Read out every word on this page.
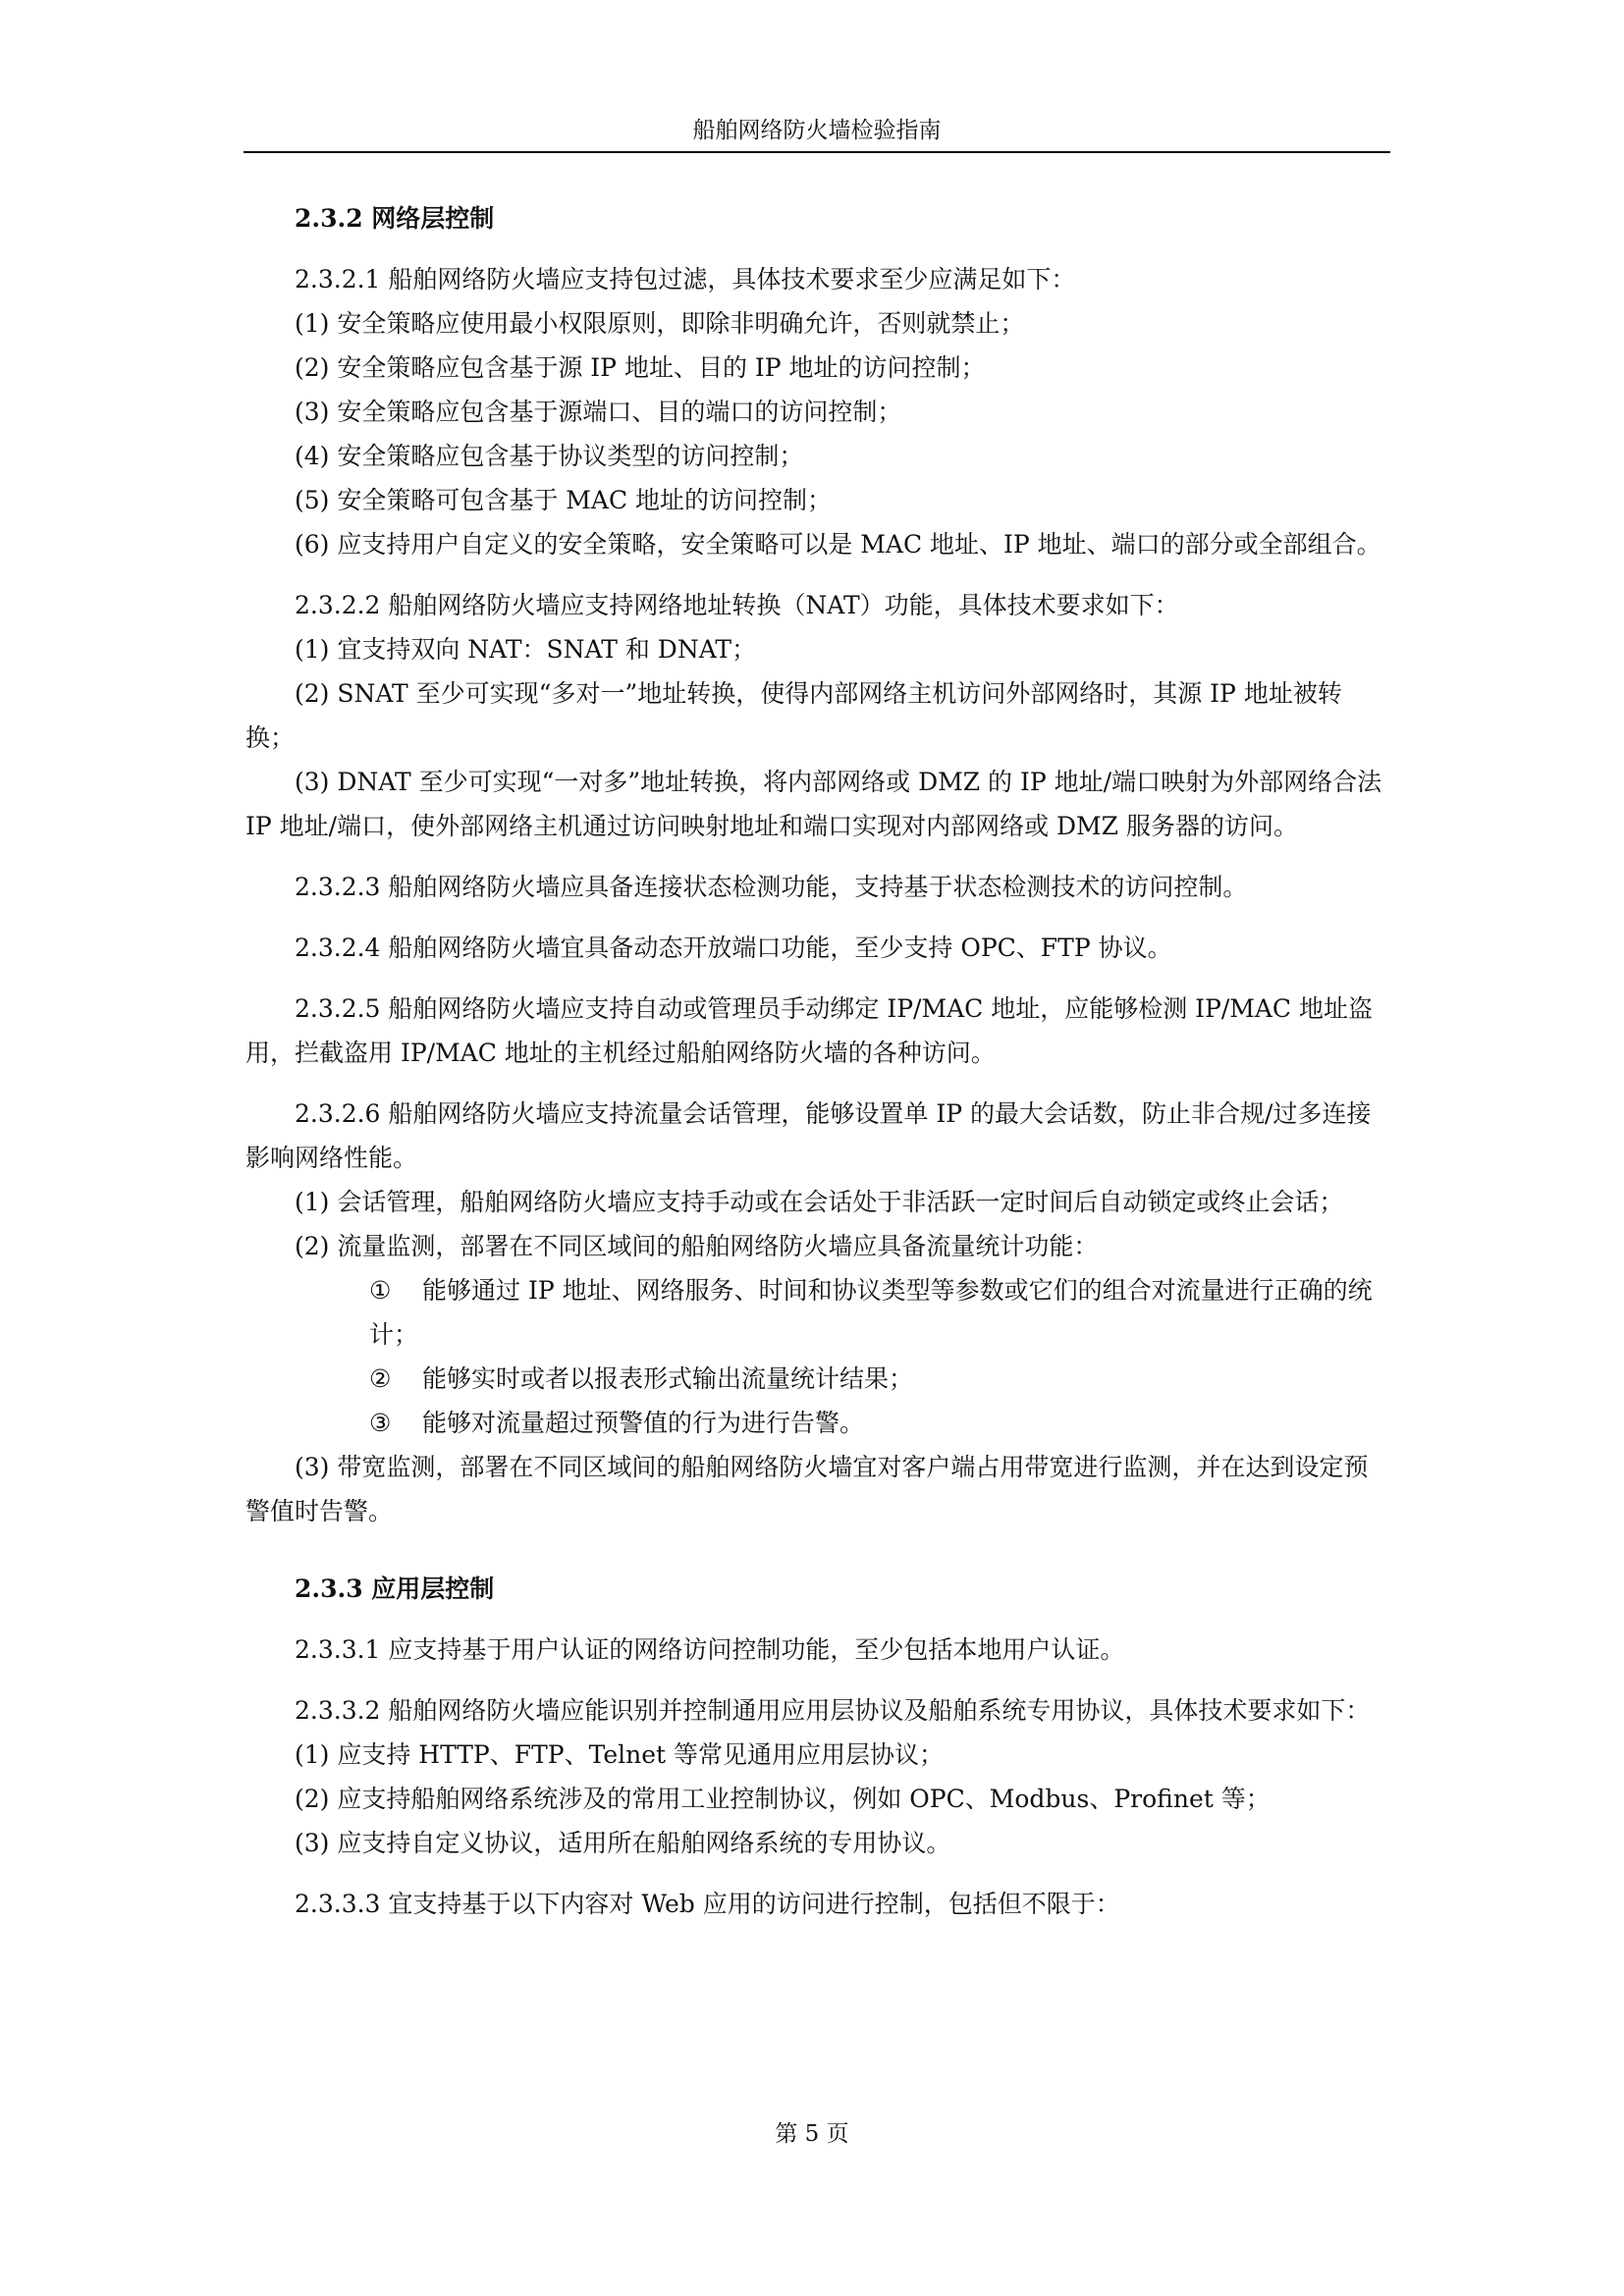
船舶网络防火墙检验指南

2.3.2 网络层控制

2.3.2.1 船舶网络防火墙应支持包过滤，具体技术要求至少应满足如下：

(1) 安全策略应使用最小权限原则，即除非明确允许，否则就禁止；

(2) 安全策略应包含基于源 IP 地址、目的 IP 地址的访问控制；

(3) 安全策略应包含基于源端口、目的端口的访问控制；

(4) 安全策略应包含基于协议类型的访问控制；

(5) 安全策略可包含基于 MAC 地址的访问控制；

(6) 应支持用户自定义的安全策略，安全策略可以是 MAC 地址、IP 地址、端口的部分或全部组合。

2.3.2.2 船舶网络防火墙应支持网络地址转换（NAT）功能，具体技术要求如下：

(1) 宜支持双向 NAT：SNAT 和 DNAT；

(2) SNAT 至少可实现“多对一”地址转换，使得内部网络主机访问外部网络时，其源 IP 地址被转换；

(3) DNAT 至少可实现“一对多”地址转换，将内部网络或 DMZ 的 IP 地址/端口映射为外部网络合法 IP 地址/端口，使外部网络主机通过访问映射地址和端口实现对内部网络或 DMZ 服务器的访问。

2.3.2.3 船舶网络防火墙应具备连接状态检测功能，支持基于状态检测技术的访问控制。

2.3.2.4 船舶网络防火墙宜具备动态开放端口功能，至少支持 OPC、FTP 协议。

2.3.2.5 船舶网络防火墙应支持自动或管理员手动绑定 IP/MAC 地址，应能够检测 IP/MAC 地址盗用，拦截盗用 IP/MAC 地址的主机经过船舶网络防火墙的各种访问。

2.3.2.6 船舶网络防火墙应支持流量会话管理，能够设置单 IP 的最大会话数，防止非合规/过多连接影响网络性能。

(1) 会话管理，船舶网络防火墙应支持手动或在会话处于非活跃一定时间后自动锁定或终止会话；

(2) 流量监测，部署在不同区域间的船舶网络防火墙应具备流量统计功能：

① 能够通过 IP 地址、网络服务、时间和协议类型等参数或它们的组合对流量进行正确的统计；

② 能够实时或者以报表形式输出流量统计结果；

③ 能够对流量超过预警值的行为进行告警。

(3) 带宽监测，部署在不同区域间的船舶网络防火墙宜对客户端占用带宽进行监测，并在达到设定预警值时告警。

2.3.3 应用层控制

2.3.3.1 应支持基于用户认证的网络访问控制功能，至少包括本地用户认证。

2.3.3.2 船舶网络防火墙应能识别并控制通用应用层协议及船舶系统专用协议，具体技术要求如下：

(1) 应支持 HTTP、FTP、Telnet 等常见通用应用层协议；

(2) 应支持船舶网络系统涉及的常用工业控制协议，例如 OPC、Modbus、Profinet 等；

(3) 应支持自定义协议，适用所在船舶网络系统的专用协议。

2.3.3.3 宜支持基于以下内容对 Web 应用的访问进行控制，包括但不限于：

第 5 页
